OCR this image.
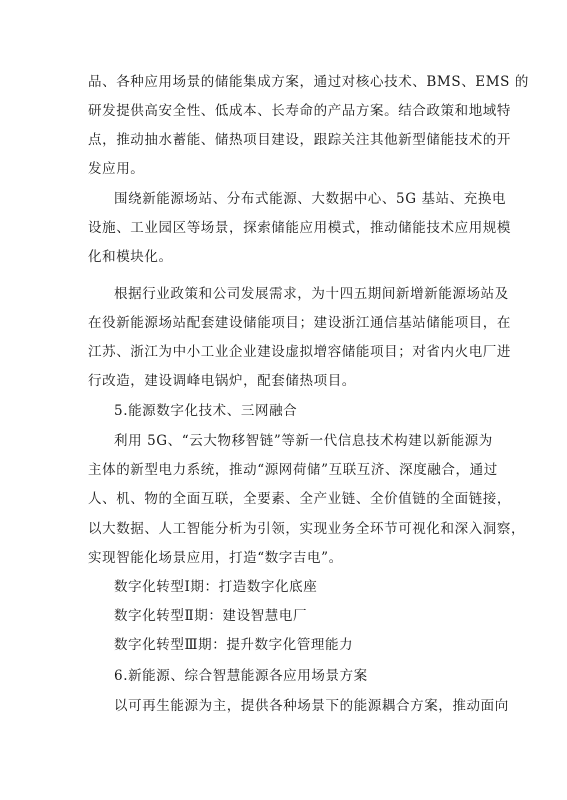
品、各种应用场景的储能集成方案，通过对核心技术、BMS、EMS 的
研发提供高安全性、低成本、长寿命的产品方案。结合政策和地域特
点，推动抽水蓄能、储热项目建设，跟踪关注其他新型储能技术的开
发应用。
围绕新能源场站、分布式能源、大数据中心、5G 基站、充换电
设施、工业园区等场景，探索储能应用模式，推动储能技术应用规模
化和模块化。
根据行业政策和公司发展需求，为十四五期间新增新能源场站及
在役新能源场站配套建设储能项目；建设浙江通信基站储能项目，在
江苏、浙江为中小工业企业建设虚拟增容储能项目；对省内火电厂进
行改造，建设调峰电锅炉，配套储热项目。
5.能源数字化技术、三网融合
利用 5G、“云大物移智链”等新一代信息技术构建以新能源为
主体的新型电力系统，推动“源网荷储”互联互济、深度融合，通过
人、机、物的全面互联，全要素、全产业链、全价值链的全面链接，
以大数据、人工智能分析为引领，实现业务全环节可视化和深入洞察，
实现智能化场景应用，打造“数字吉电”。
数字化转型Ⅰ期：打造数字化底座
数字化转型Ⅱ期：建设智慧电厂
数字化转型Ⅲ期：提升数字化管理能力
6.新能源、综合智慧能源各应用场景方案
以可再生能源为主，提供各种场景下的能源耦合方案，推动面向
